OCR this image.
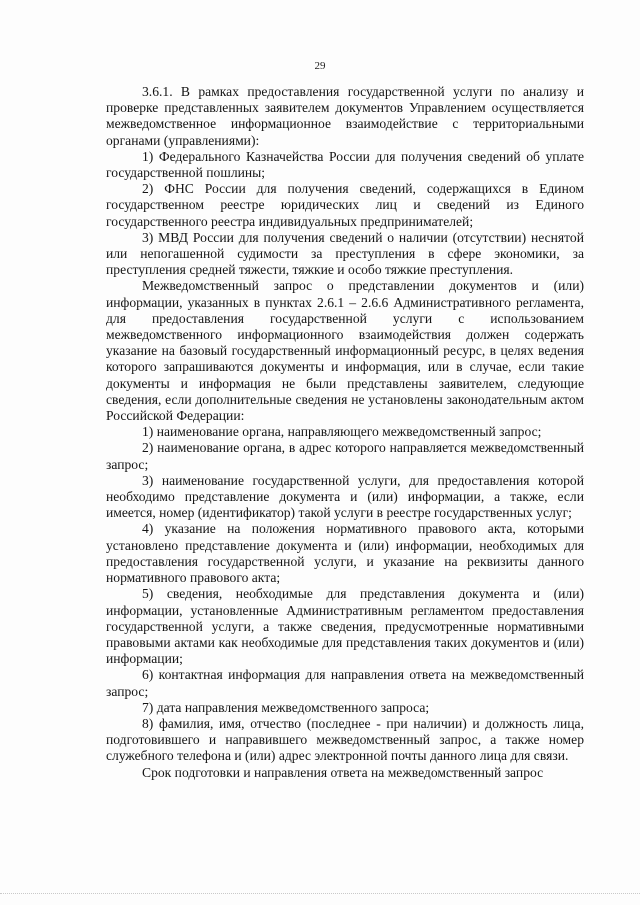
29

3.6.1. В рамках предоставления государственной услуги по анализу и проверке представленных заявителем документов Управлением осуществляется межведомственное информационное взаимодействие с территориальными органами (управлениями):

1) Федерального Казначейства России для получения сведений об уплате государственной пошлины;

2) ФНС России для получения сведений, содержащихся в Едином государственном реестре юридических лиц и сведений из Единого государственного реестра индивидуальных предпринимателей;

3) МВД России для получения сведений о наличии (отсутствии) неснятой или непогашенной судимости за преступления в сфере экономики, за преступления средней тяжести, тяжкие и особо тяжкие преступления.

Межведомственный запрос о представлении документов и (или) информации, указанных в пунктах 2.6.1 – 2.6.6 Административного регламента, для предоставления государственной услуги с использованием межведомственного информационного взаимодействия должен содержать указание на базовый государственный информационный ресурс, в целях ведения которого запрашиваются документы и информация, или в случае, если такие документы и информация не были представлены заявителем, следующие сведения, если дополнительные сведения не установлены законодательным актом Российской Федерации:

1) наименование органа, направляющего межведомственный запрос;

2) наименование органа, в адрес которого направляется межведомственный запрос;

3) наименование государственной услуги, для предоставления которой необходимо представление документа и (или) информации, а также, если имеется, номер (идентификатор) такой услуги в реестре государственных услуг;

4) указание на положения нормативного правового акта, которыми установлено представление документа и (или) информации, необходимых для предоставления государственной услуги, и указание на реквизиты данного нормативного правового акта;

5) сведения, необходимые для представления документа и (или) информации, установленные Административным регламентом предоставления государственной услуги, а также сведения, предусмотренные нормативными правовыми актами как необходимые для представления таких документов и (или) информации;

6) контактная информация для направления ответа на межведомственный запрос;

7) дата направления межведомственного запроса;

8) фамилия, имя, отчество (последнее - при наличии) и должность лица, подготовившего и направившего межведомственный запрос, а также номер служебного телефона и (или) адрес электронной почты данного лица для связи.

Срок подготовки и направления ответа на межведомственный запрос
